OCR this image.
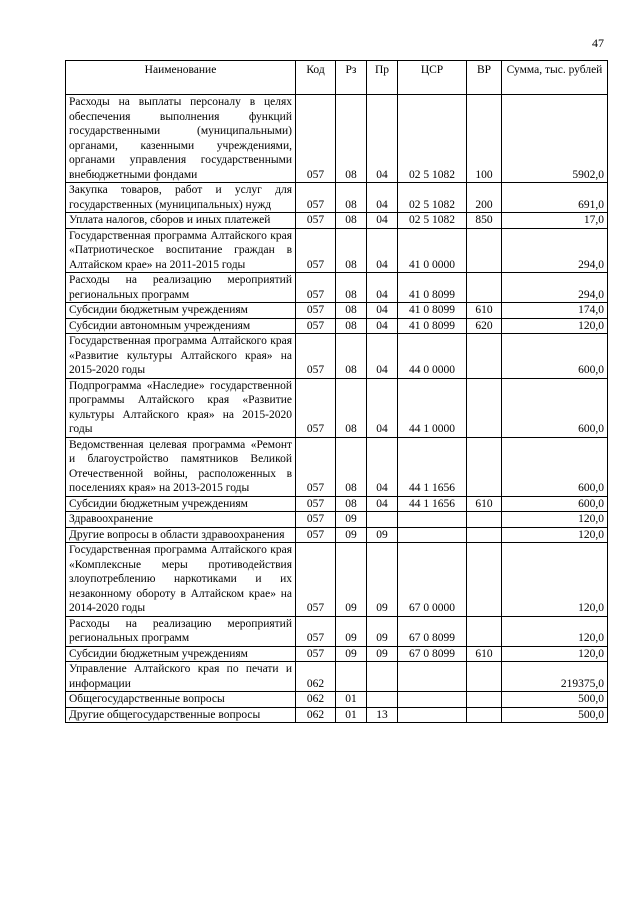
47
Наименование	Код	Рз	Пр	ЦСР	ВР	Сумма, тыс. рублей
Расходы на выплаты персоналу в целях обеспечения выполнения функций государственными (муниципальными) органами, казенными учреждениями, органами управления государственными внебюджетными фондами	057	08	04	02 5 1082	100	5902,0
Закупка товаров, работ и услуг для государственных (муниципальных) нужд	057	08	04	02 5 1082	200	691,0
Уплата налогов, сборов и иных платежей	057	08	04	02 5 1082	850	17,0
Государственная программа Алтайского края «Патриотическое воспитание граждан в Алтайском крае» на 2011-2015 годы	057	08	04	41 0 0000		294,0
Расходы на реализацию мероприятий региональных программ	057	08	04	41 0 8099		294,0
Субсидии бюджетным учреждениям	057	08	04	41 0 8099	610	174,0
Субсидии автономным учреждениям	057	08	04	41 0 8099	620	120,0
Государственная программа Алтайского края «Развитие культуры Алтайского края» на 2015-2020 годы	057	08	04	44 0 0000		600,0
Подпрограмма «Наследие» государственной программы Алтайского края «Развитие культуры Алтайского края» на 2015-2020 годы	057	08	04	44 1 0000		600,0
Ведомственная целевая программа «Ремонт и благоустройство памятников Великой Отечественной войны, расположенных в поселениях края» на 2013-2015 годы	057	08	04	44 1 1656		600,0
Субсидии бюджетным учреждениям	057	08	04	44 1 1656	610	600,0
Здравоохранение	057	09				120,0
Другие вопросы в области здравоохранения	057	09	09			120,0
Государственная программа Алтайского края «Комплексные меры противодействия злоупотреблению наркотиками и их незаконному обороту в Алтайском крае» на 2014-2020 годы	057	09	09	67 0 0000		120,0
Расходы на реализацию мероприятий региональных программ	057	09	09	67 0 8099		120,0
Субсидии бюджетным учреждениям	057	09	09	67 0 8099	610	120,0
Управление Алтайского края по печати и информации	062					219375,0
Общегосударственные вопросы	062	01				500,0
Другие общегосударственные вопросы	062	01	13			500,0
